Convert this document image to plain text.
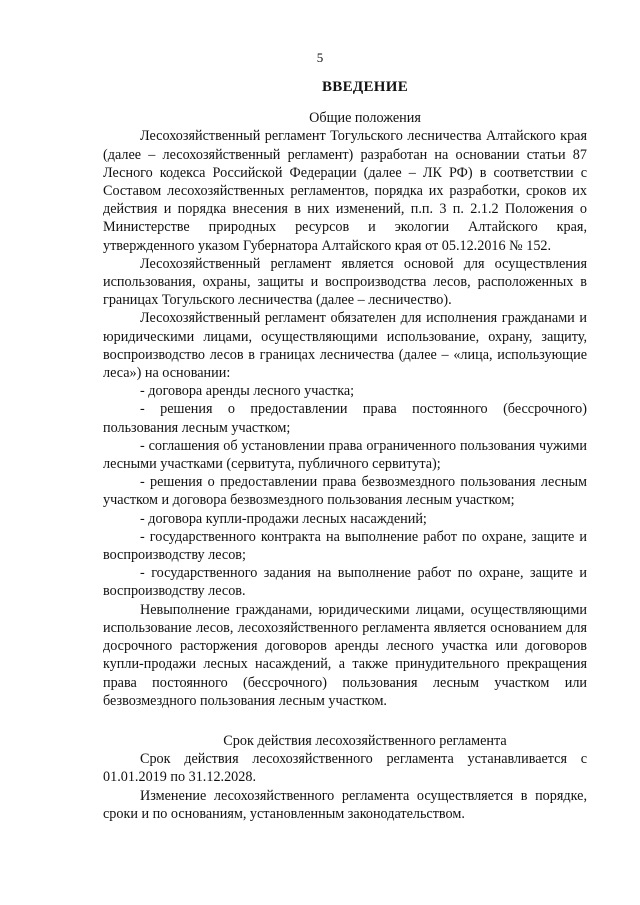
5
ВВЕДЕНИЕ
Общие положения

Лесохозяйственный регламент Тогульского лесничества Алтайского края (далее – лесохозяйственный регламент) разработан на основании статьи 87 Лесного кодекса Российской Федерации (далее – ЛК РФ) в соответствии с Составом лесохозяйственных регламентов, порядка их разработки, сроков их действия и порядка внесения в них изменений, п.п. 3 п. 2.1.2 Положения о Министерстве природных ресурсов и экологии Алтайского края, утвержденного указом Губернатора Алтайского края от 05.12.2016 № 152.

Лесохозяйственный регламент является основой для осуществления использования, охраны, защиты и воспроизводства лесов, расположенных в границах Тогульского лесничества (далее – лесничество).

Лесохозяйственный регламент обязателен для исполнения гражданами и юридическими лицами, осуществляющими использование, охрану, защиту, воспроизводство лесов в границах лесничества (далее – «лица, использующие леса») на основании:

- договора аренды лесного участка;

- решения о предоставлении права постоянного (бессрочного) пользования лесным участком;

- соглашения об установлении права ограниченного пользования чужими лесными участками (сервитута, публичного сервитута);

- решения о предоставлении права безвозмездного пользования лесным участком и договора безвозмездного пользования лесным участком;

- договора купли-продажи лесных насаждений;

- государственного контракта на выполнение работ по охране, защите и воспроизводству лесов;

- государственного задания на выполнение работ по охране, защите и воспроизводству лесов.

Невыполнение гражданами, юридическими лицами, осуществляющими использование лесов, лесохозяйственного регламента является основанием для досрочного расторжения договоров аренды лесного участка или договоров купли-продажи лесных насаждений, а также принудительного прекращения права постоянного (бессрочного) пользования лесным участком или безвозмездного пользования лесным участком.

Срок действия лесохозяйственного регламента

Срок действия лесохозяйственного регламента устанавливается с 01.01.2019 по 31.12.2028.

Изменение лесохозяйственного регламента осуществляется в порядке, сроки и по основаниям, установленным законодательством.
